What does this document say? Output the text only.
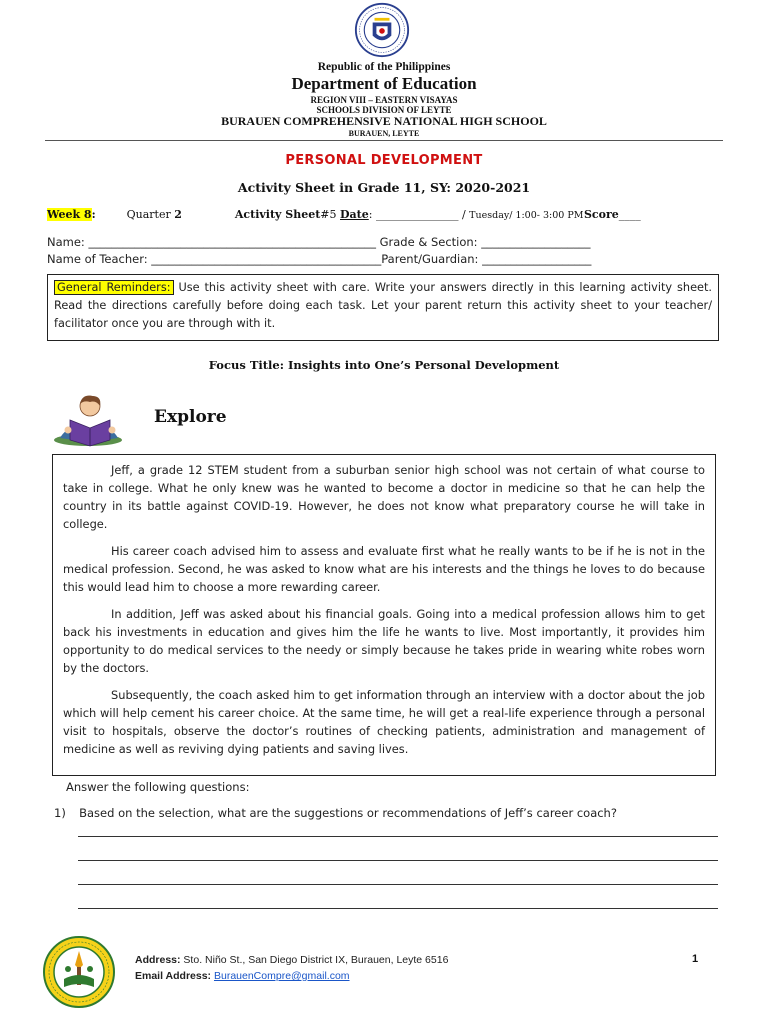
Republic of the Philippines
Department of Education
REGION VIII – EASTERN VISAYAS
SCHOOLS DIVISION OF LEYTE
BURAUEN COMPREHENSIVE NATIONAL HIGH SCHOOL
BURAUEN, LEYTE
PERSONAL DEVELOPMENT
Activity Sheet in Grade 11, SY: 2020-2021
Week 8:	Quarter 2	Activity Sheet#5 Date: _______________ / Tuesday/ 1:00- 3:00 PM Score____
Name: __________________________________________________ Grade & Section: ___________________
Name of Teacher: ________________________________________Parent/Guardian: ___________________
General Reminders: Use this activity sheet with care. Write your answers directly in this learning activity sheet. Read the directions carefully before doing each task. Let your parent return this activity sheet to your teacher/ facilitator once you are through with it.
Focus Title: Insights into One’s Personal Development
Explore

Jeff, a grade 12 STEM student from a suburban senior high school was not certain of what course to take in college. What he only knew was he wanted to become a doctor in medicine so that he can help the country in its battle against COVID-19. However, he does not know what preparatory course he will take in college.

His career coach advised him to assess and evaluate first what he really wants to be if he is not in the medical profession. Second, he was asked to know what are his interests and the things he loves to do because this would lead him to choose a more rewarding career.

In addition, Jeff was asked about his financial goals. Going into a medical profession allows him to get back his investments in education and gives him the life he wants to live. Most importantly, it provides him opportunity to do medical services to the needy or simply because he takes pride in wearing white robes worn by the doctors.

Subsequently, the coach asked him to get information through an interview with a doctor about the job which will help cement his career choice. At the same time, he will get a real-life experience through a personal visit to hospitals, observe the doctor’s routines of checking patients, administration and management of medicine as well as reviving dying patients and saving lives.

Answer the following questions:
1) Based on the selection, what are the suggestions or recommendations of Jeff’s career coach?
Address: Sto. Niño St., San Diego District IX, Burauen, Leyte 6516
Email Address: BurauenCompre@gmail.com
1
